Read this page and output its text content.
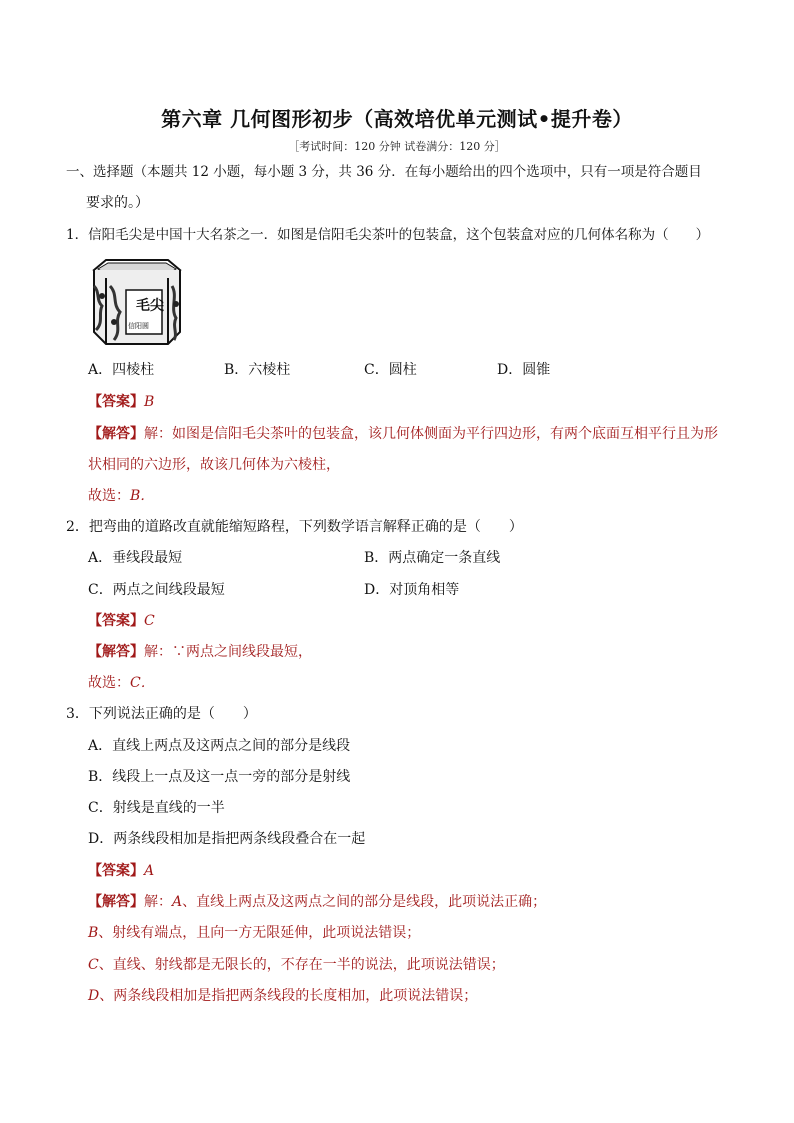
第六章 几何图形初步（高效培优单元测试•提升卷）
［考试时间：120 分钟 试卷满分：120 分］
一、选择题（本题共 12 小题，每小题 3 分，共 36 分．在每小题给出的四个选项中，只有一项是符合题目
要求的。）
1．信阳毛尖是中国十大名茶之一．如图是信阳毛尖茶叶的包装盒，这个包装盒对应的几何体名称为（　　）
毛尖
信阳圆
A．四棱柱	B．六棱柱	C．圆柱	D．圆锥
【答案】B
【解答】解：如图是信阳毛尖茶叶的包装盒，该几何体侧面为平行四边形，有两个底面互相平行且为形
状相同的六边形，故该几何体为六棱柱，
故选：B．
2．把弯曲的道路改直就能缩短路程，下列数学语言解释正确的是（　　）
A．垂线段最短	B．两点确定一条直线
C．两点之间线段最短	D．对顶角相等
【答案】C
【解答】解：∵两点之间线段最短，
故选：C．
3．下列说法正确的是（　　）
A．直线上两点及这两点之间的部分是线段
B．线段上一点及这一点一旁的部分是射线
C．射线是直线的一半
D．两条线段相加是指把两条线段叠合在一起
【答案】A
【解答】解：A、直线上两点及这两点之间的部分是线段，此项说法正确；
B、射线有端点，且向一方无限延伸，此项说法错误；
C、直线、射线都是无限长的，不存在一半的说法，此项说法错误；
D、两条线段相加是指把两条线段的长度相加，此项说法错误；
